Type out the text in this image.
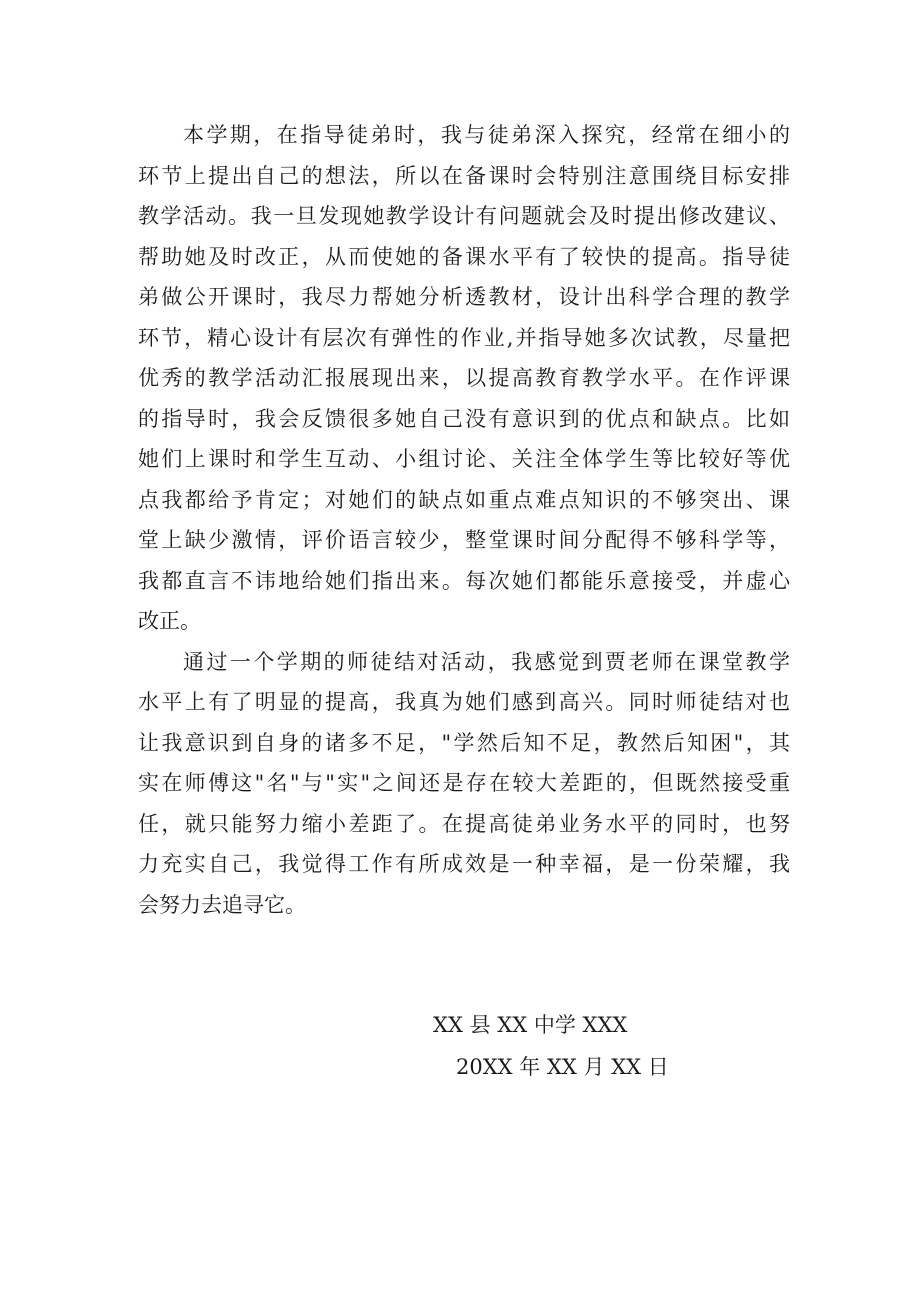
本学期，在指导徒弟时，我与徒弟深入探究，经常在细小的
环节上提出自己的想法，所以在备课时会特别注意围绕目标安排
教学活动。我一旦发现她教学设计有问题就会及时提出修改建议、
帮助她及时改正，从而使她的备课水平有了较快的提高。指导徒
弟做公开课时，我尽力帮她分析透教材，设计出科学合理的教学
环节，精心设计有层次有弹性的作业,并指导她多次试教，尽量把
优秀的教学活动汇报展现出来，以提高教育教学水平。在作评课
的指导时，我会反馈很多她自己没有意识到的优点和缺点。比如
她们上课时和学生互动、小组讨论、关注全体学生等比较好等优
点我都给予肯定；对她们的缺点如重点难点知识的不够突出、课
堂上缺少激情，评价语言较少，整堂课时间分配得不够科学等，
我都直言不讳地给她们指出来。每次她们都能乐意接受，并虚心
改正。
通过一个学期的师徒结对活动，我感觉到贾老师在课堂教学
水平上有了明显的提高，我真为她们感到高兴。同时师徒结对也
让我意识到自身的诸多不足，"学然后知不足，教然后知困"，其
实在师傅这"名"与"实"之间还是存在较大差距的，但既然接受重
任，就只能努力缩小差距了。在提高徒弟业务水平的同时，也努
力充实自己，我觉得工作有所成效是一种幸福，是一份荣耀，我
会努力去追寻它。
XX 县 XX 中学 XXX
20XX 年 XX 月 XX 日
